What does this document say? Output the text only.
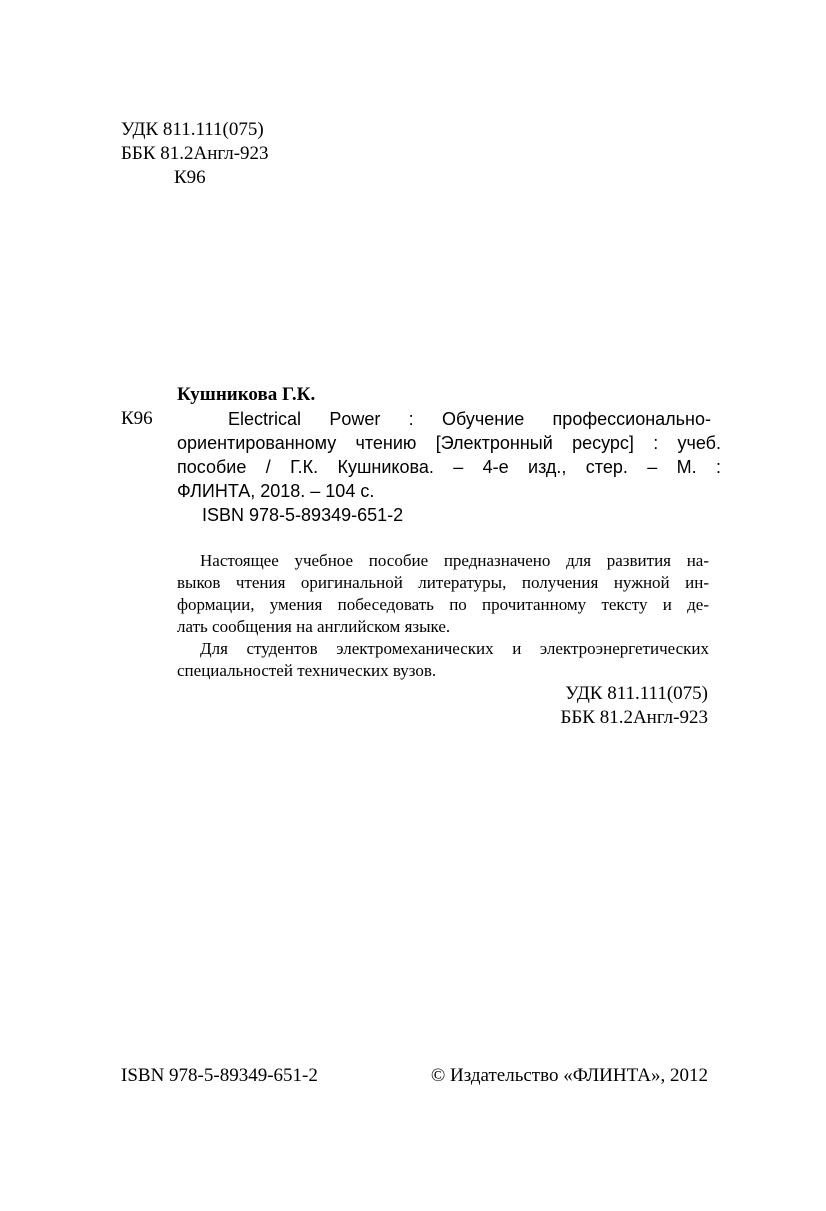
УДК 811.111(075)
ББК 81.2Англ-923
К96
Кушникова Г.К.
К96	Electrical Power : Обучение профессионально-
ориентированному чтению [Электронный ресурс] : учеб.
пособие / Г.К. Кушникова. – 4-е изд., стер. – М. :
ФЛИНТА, 2018. – 104 с.
ISBN 978-5-89349-651-2
Настоящее учебное пособие предназначено для развития на-
выков чтения оригинальной литературы, получения нужной ин-
формации, умения побеседовать по прочитанному тексту и де-
лать сообщения на английском языке.
Для студентов электромеханических и электроэнергетических
специальностей технических вузов.
УДК 811.111(075)
ББК 81.2Англ-923
ISBN 978-5-89349-651-2	© Издательство «ФЛИНТА», 2012
